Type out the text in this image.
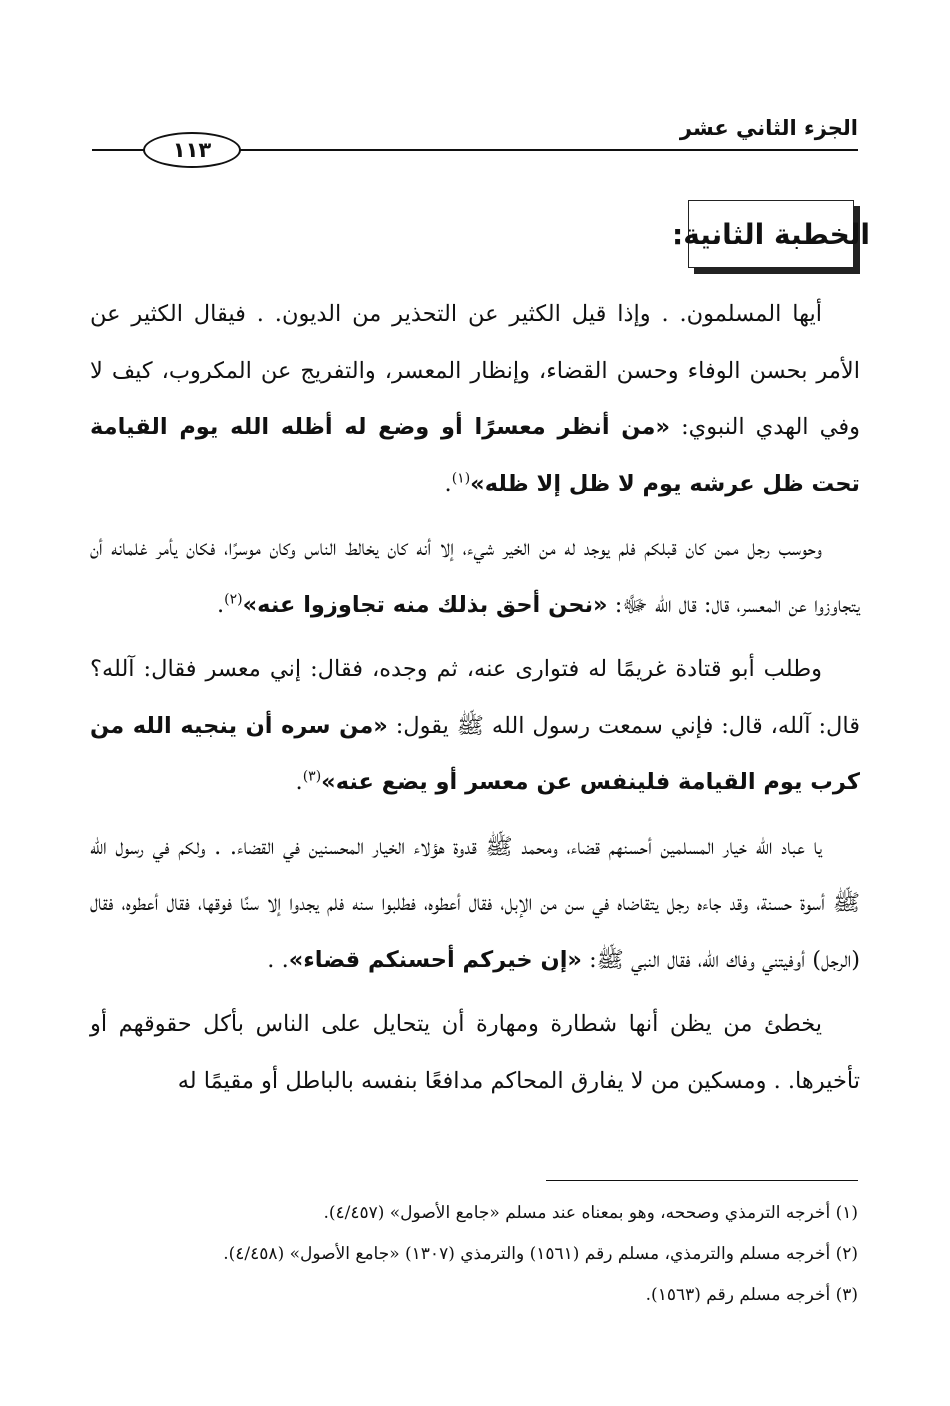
الجزء الثاني عشر
١١٣
الخطبة الثانية:

أيها المسلمون. . وإذا قيل الكثير عن التحذير من الديون. . فيقال الكثير عن الأمر بحسن الوفاء وحسن القضاء، وإنظار المعسر، والتفريج عن المكروب، كيف لا وفي الهدي النبوي: «من أنظر معسرًا أو وضع له أظله الله يوم القيامة تحت ظل عرشه يوم لا ظل إلا ظله»$^{(١)}$.

وحوسب رجل ممن كان قبلكم فلم يوجد له من الخير شيء، إلا أنه كان يخالط الناس وكان موسرًا، فكان يأمر غلمانه أن يتجاوزوا عن المعسر، قال: قال الله ﷻ: «نحن أحق بذلك منه تجاوزوا عنه»$^{(٢)}$.

وطلب أبو قتادة غريمًا له فتوارى عنه، ثم وجده، فقال: إني معسر فقال: آلله؟ قال: آلله، قال: فإني سمعت رسول الله ﷺ يقول: «من سره أن ينجيه الله من كرب يوم القيامة فلينفس عن معسر أو يضع عنه»$^{(٣)}$.

يا عباد الله خيار المسلمين أحسنهم قضاء، ومحمد ﷺ قدوة هؤلاء الخيار المحسنين في القضاء. . ولكم في رسول الله ﷺ أسوة حسنة، وقد جاءه رجل يتقاضاه في سن من الإبل، فقال أعطوه، فطلبوا سنه فلم يجدوا إلا سنًا فوقها، فقال أعطوه، فقال (الرجل) أوفيتني وفاك الله، فقال النبي ﷺ: «إن خيركم أحسنكم قضاء». .

يخطئ من يظن أنها شطارة ومهارة أن يتحايل على الناس بأكل حقوقهم أو تأخيرها. . ومسكين من لا يفارق المحاكم مدافعًا بنفسه بالباطل أو مقيمًا له

(١) أخرجه الترمذي وصححه، وهو بمعناه عند مسلم «جامع الأصول» (٤/٤٥٧).
(٢) أخرجه مسلم والترمذي، مسلم رقم (١٥٦١) والترمذي (١٣٠٧) «جامع الأصول» (٤/٤٥٨).
(٣) أخرجه مسلم رقم (١٥٦٣).
